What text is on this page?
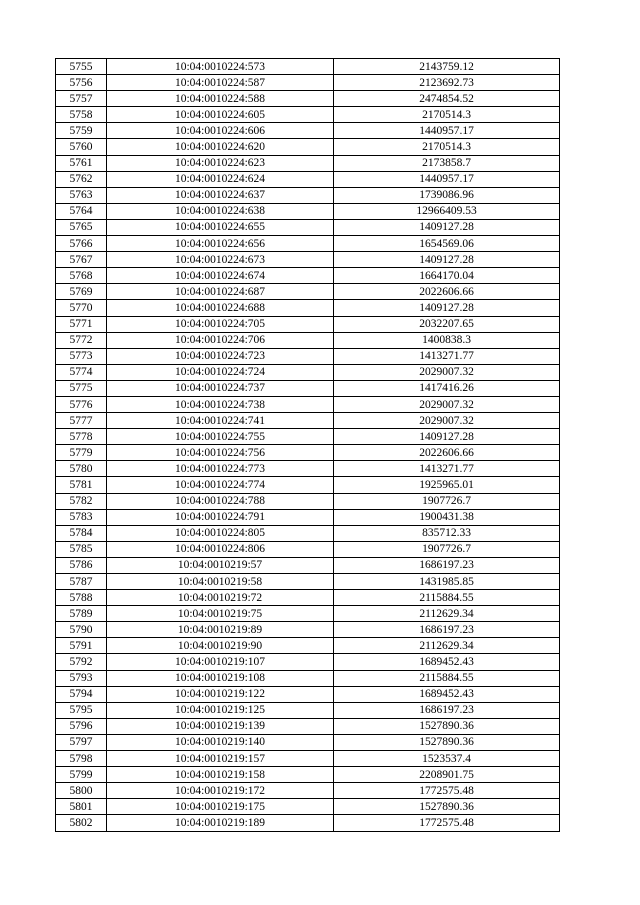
5755	10:04:0010224:573	2143759.12
5756	10:04:0010224:587	2123692.73
5757	10:04:0010224:588	2474854.52
5758	10:04:0010224:605	2170514.3
5759	10:04:0010224:606	1440957.17
5760	10:04:0010224:620	2170514.3
5761	10:04:0010224:623	2173858.7
5762	10:04:0010224:624	1440957.17
5763	10:04:0010224:637	1739086.96
5764	10:04:0010224:638	12966409.53
5765	10:04:0010224:655	1409127.28
5766	10:04:0010224:656	1654569.06
5767	10:04:0010224:673	1409127.28
5768	10:04:0010224:674	1664170.04
5769	10:04:0010224:687	2022606.66
5770	10:04:0010224:688	1409127.28
5771	10:04:0010224:705	2032207.65
5772	10:04:0010224:706	1400838.3
5773	10:04:0010224:723	1413271.77
5774	10:04:0010224:724	2029007.32
5775	10:04:0010224:737	1417416.26
5776	10:04:0010224:738	2029007.32
5777	10:04:0010224:741	2029007.32
5778	10:04:0010224:755	1409127.28
5779	10:04:0010224:756	2022606.66
5780	10:04:0010224:773	1413271.77
5781	10:04:0010224:774	1925965.01
5782	10:04:0010224:788	1907726.7
5783	10:04:0010224:791	1900431.38
5784	10:04:0010224:805	835712.33
5785	10:04:0010224:806	1907726.7
5786	10:04:0010219:57	1686197.23
5787	10:04:0010219:58	1431985.85
5788	10:04:0010219:72	2115884.55
5789	10:04:0010219:75	2112629.34
5790	10:04:0010219:89	1686197.23
5791	10:04:0010219:90	2112629.34
5792	10:04:0010219:107	1689452.43
5793	10:04:0010219:108	2115884.55
5794	10:04:0010219:122	1689452.43
5795	10:04:0010219:125	1686197.23
5796	10:04:0010219:139	1527890.36
5797	10:04:0010219:140	1527890.36
5798	10:04:0010219:157	1523537.4
5799	10:04:0010219:158	2208901.75
5800	10:04:0010219:172	1772575.48
5801	10:04:0010219:175	1527890.36
5802	10:04:0010219:189	1772575.48
